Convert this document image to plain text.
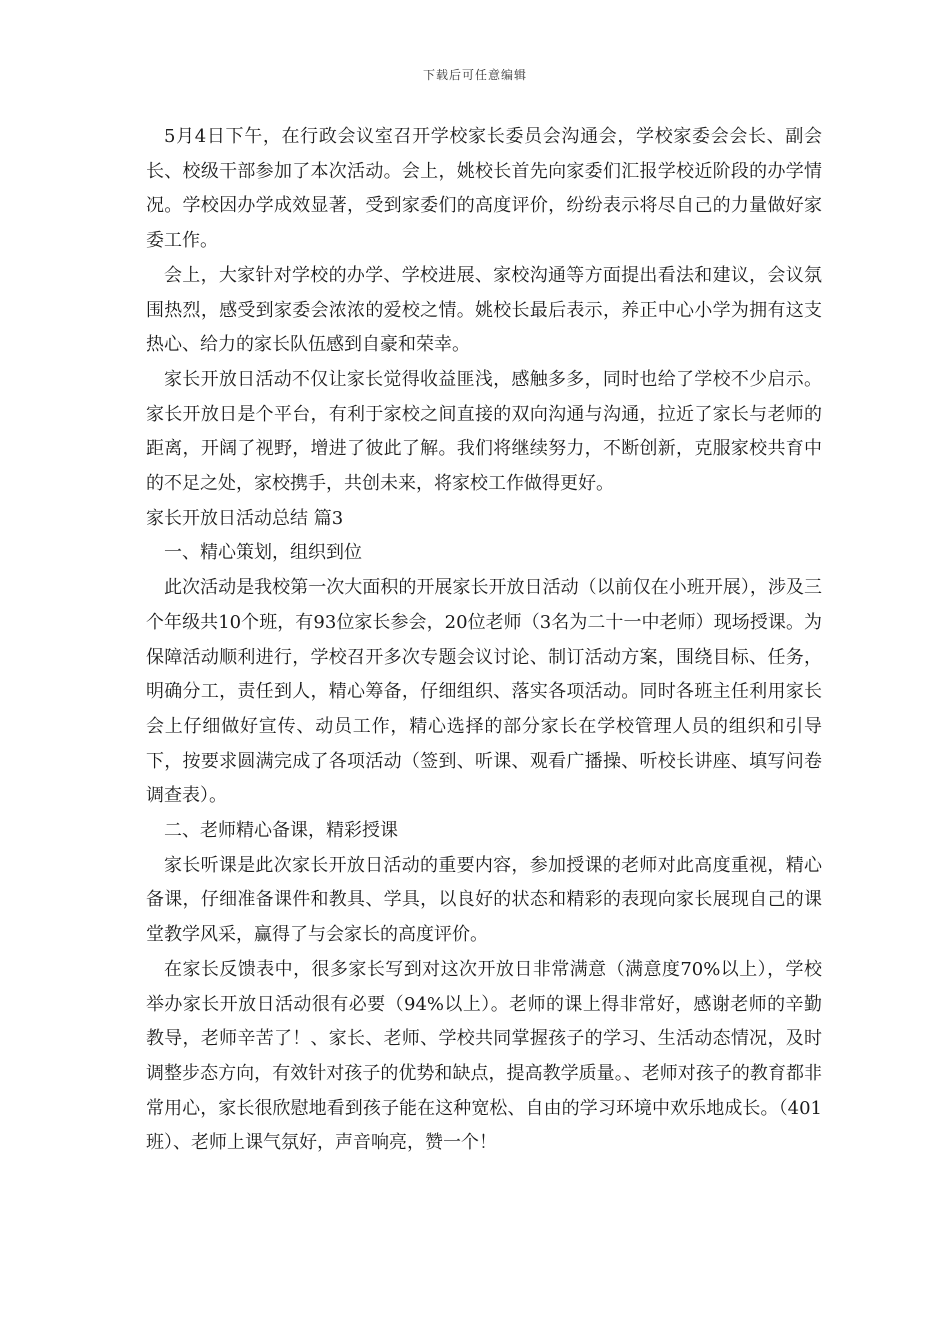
下载后可任意编辑

5月4日下午，在行政会议室召开学校家长委员会沟通会，学校家委会会长、副会长、校级干部参加了本次活动。会上，姚校长首先向家委们汇报学校近阶段的办学情况。学校因办学成效显著，受到家委们的高度评价，纷纷表示将尽自己的力量做好家委工作。

会上，大家针对学校的办学、学校进展、家校沟通等方面提出看法和建议，会议氛围热烈，感受到家委会浓浓的爱校之情。姚校长最后表示，养正中心小学为拥有这支热心、给力的家长队伍感到自豪和荣幸。

家长开放日活动不仅让家长觉得收益匪浅，感触多多，同时也给了学校不少启示。家长开放日是个平台，有利于家校之间直接的双向沟通与沟通，拉近了家长与老师的距离，开阔了视野，增进了彼此了解。我们将继续努力，不断创新，克服家校共育中的不足之处，家校携手，共创未来，将家校工作做得更好。

家长开放日活动总结 篇3

一、精心策划，组织到位

此次活动是我校第一次大面积的开展家长开放日活动（以前仅在小班开展），涉及三个年级共10个班，有93位家长参会，20位老师（3名为二十一中老师）现场授课。为保障活动顺利进行，学校召开多次专题会议讨论、制订活动方案，围绕目标、任务，明确分工，责任到人，精心筹备，仔细组织、落实各项活动。同时各班主任利用家长会上仔细做好宣传、动员工作，精心选择的部分家长在学校管理人员的组织和引导下，按要求圆满完成了各项活动（签到、听课、观看广播操、听校长讲座、填写问卷调查表）。

二、老师精心备课，精彩授课

家长听课是此次家长开放日活动的重要内容，参加授课的老师对此高度重视，精心备课，仔细准备课件和教具、学具，以良好的状态和精彩的表现向家长展现自己的课堂教学风采，赢得了与会家长的高度评价。

在家长反馈表中，很多家长写到对这次开放日非常满意（满意度70%以上），学校举办家长开放日活动很有必要（94%以上）。老师的课上得非常好，感谢老师的辛勤教导，老师辛苦了！、家长、老师、学校共同掌握孩子的学习、生活动态情况，及时调整步态方向，有效针对孩子的优势和缺点，提高教学质量。、老师对孩子的教育都非常用心，家长很欣慰地看到孩子能在这种宽松、自由的学习环境中欢乐地成长。（401班）、老师上课气氛好，声音响亮，赞一个！
